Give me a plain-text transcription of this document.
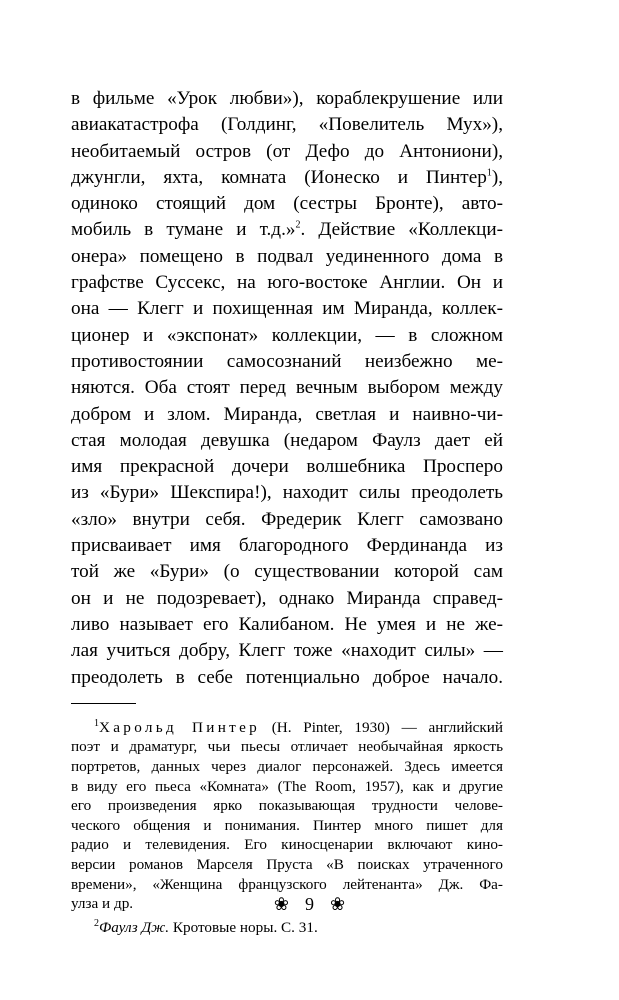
в фильме «Урок любви»), кораблекрушение или
авиакатастрофа (Голдинг, «Повелитель Мух»),
необитаемый остров (от Дефо до Антониони),
джунгли, яхта, комната (Ионеско и Пинтер$^1$),
одиноко стоящий дом (сестры Бронте), авто-
мобиль в тумане и т.д.»$^2$. Действие «Коллекци-
онера» помещено в подвал уединенного дома в
графстве Суссекс, на юго-востоке Англии. Он и
она — Клегг и похищенная им Миранда, коллек-
ционер и «экспонат» коллекции, — в сложном
противостоянии самосознаний неизбежно ме-
няются. Оба стоят перед вечным выбором между
добром и злом. Миранда, светлая и наивно-чи-
стая молодая девушка (недаром Фаулз дает ей
имя прекрасной дочери волшебника Просперо
из «Бури» Шекспира!), находит силы преодолеть
«зло» внутри себя. Фредерик Клегг самозвано
присваивает имя благородного Фердинанда из
той же «Бури» (о существовании которой сам
он и не подозревает), однако Миранда справед-
ливо называет его Калибаном. Не умея и не же-
лая учиться добру, Клегг тоже «находит силы» —
преодолеть в себе потенциально доброе начало.
$^1$Харольд Пинтер (H. Pinter, 1930) — английский
поэт и драматург, чьи пьесы отличает необычайная яркость
портретов, данных через диалог персонажей. Здесь имеется
в виду его пьеса «Комната» (The Room, 1957), как и другие
его произведения ярко показывающая трудности челове-
ческого общения и понимания. Пинтер много пишет для
радио и телевидения. Его киносценарии включают кино-
версии романов Марселя Пруста «В поисках утраченного
времени», «Женщина французского лейтенанта» Дж. Фа-
улза и др.
$^2$Фаулз Дж. Кротовые норы. С. 31.
❀ 9 ❀
